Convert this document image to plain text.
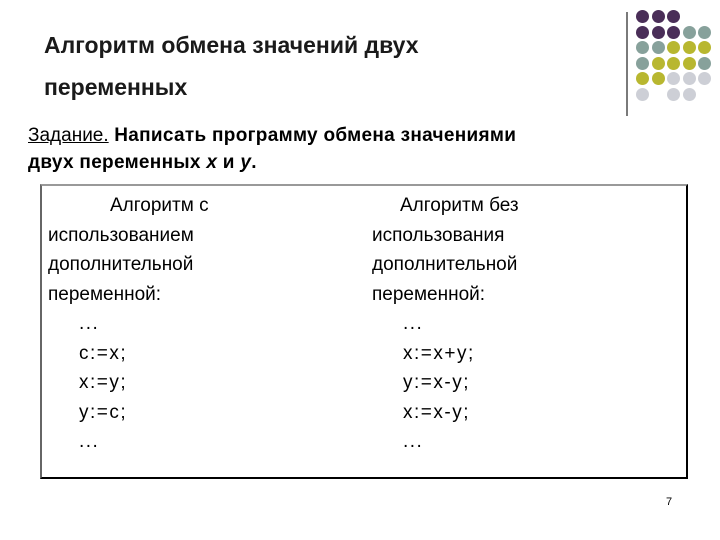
Алгоритм обмена значений двух
переменных
Задание. Написать программу обмена значениями
двух переменных x и y.
Алгоритм с
использованием
дополнительной
переменной:
...
c:=x;
x:=y;
y:=c;
...
Алгоритм без
использования
дополнительной
переменной:
...
x:=x+y;
y:=x-y;
x:=x-y;
...
7
